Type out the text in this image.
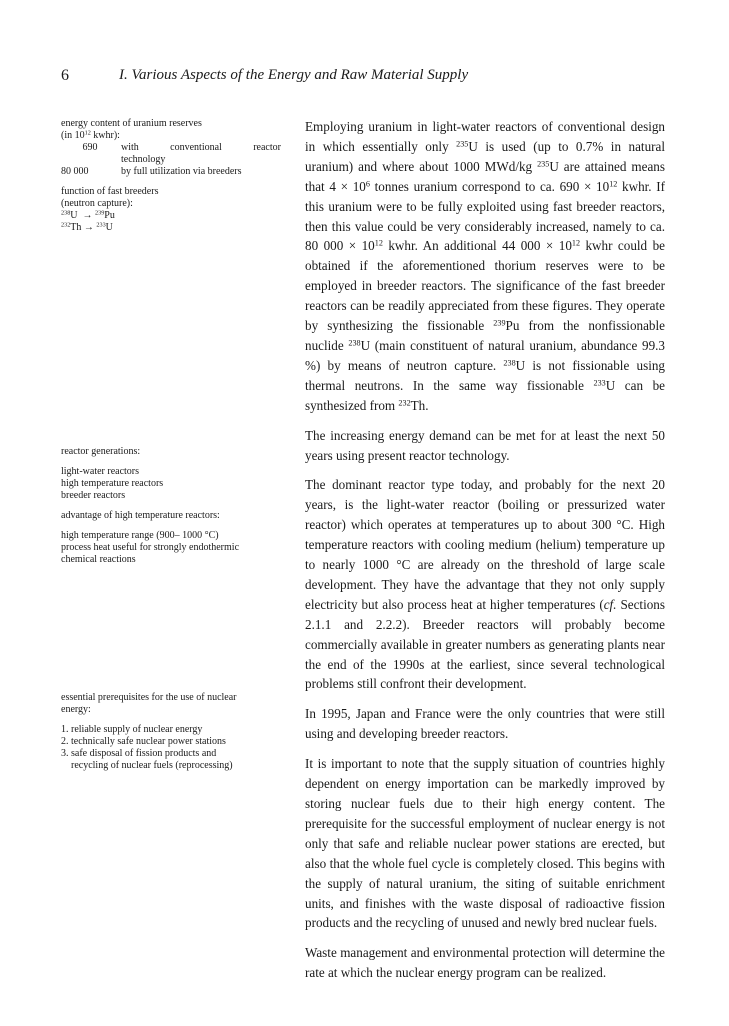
6	I. Various Aspects of the Energy and Raw Material Supply

energy content of uranium reserves

(in $10^{12}$ kwhr):

690	with	conventional	reactor
technology
80 000	by full utilization via breeders

function of fast breeders

(neutron capture):

$^{238}$U → $^{239}$Pu

$^{232}$Th → $^{233}$U

reactor generations:

light-water reactors

high temperature reactors

breeder reactors

advantage of high temperature reactors:

high temperature range (900– 1000 °C)

process heat useful for strongly endothermic

chemical reactions

essential prerequisites for the use of nuclear

energy:

1. reliable supply of nuclear energy
2. technically safe nuclear power stations
3. safe disposal of fission products and

recycling of nuclear fuels (reprocessing)

Employing uranium in light-water reactors of conventional design in which essentially only $^{235}$U is used (up to 0.7% in natural uranium) and where about 1000 MWd/kg $^{235}$U are attained means that $4 \times 10^6$ tonnes uranium correspond to ca. $690 \times 10^{12}$ kwhr. If this uranium were to be fully exploited using fast breeder reactors, then this value could be very considerably increased, namely to ca. 80 $000 \times 10^{12}$ kwhr. An additional 44 $000 \times 10^{12}$ kwhr could be obtained if the aforementioned thorium reserves were to be employed in breeder reactors. The significance of the fast breeder reactors can be readily appreciated from these figures. They operate by synthesizing the fissionable $^{239}$Pu from the nonfissionable nuclide $^{238}$U (main constituent of natural uranium, abundance 99.3 %) by means of neutron capture. $^{238}$U is not fissionable using thermal neutrons. In the same way fissionable $^{233}$U can be synthesized from $^{232}$Th.

The increasing energy demand can be met for at least the next 50 years using present reactor technology.

The dominant reactor type today, and probably for the next 20 years, is the light-water reactor (boiling or pressurized water reactor) which operates at temperatures up to about 300 °C. High temperature reactors with cooling medium (helium) temperature up to nearly 1000 °C are already on the threshold of large scale development. They have the advantage that they not only supply electricity but also process heat at higher temperatures (cf. Sections 2.1.1 and 2.2.2). Breeder reactors will probably become commercially available in greater numbers as generating plants near the end of the 1990s at the earliest, since several technological problems still confront their development.

In 1995, Japan and France were the only countries that were still using and developing breeder reactors.

It is important to note that the supply situation of countries highly dependent on energy importation can be markedly improved by storing nuclear fuels due to their high energy content. The prerequisite for the successful employment of nuclear energy is not only that safe and reliable nuclear power stations are erected, but also that the whole fuel cycle is completely closed. This begins with the supply of natural uranium, the siting of suitable enrichment units, and finishes with the waste disposal of radioactive fission products and the recycling of unused and newly bred nuclear fuels.

Waste management and environmental protection will determine the rate at which the nuclear energy program can be realized.
